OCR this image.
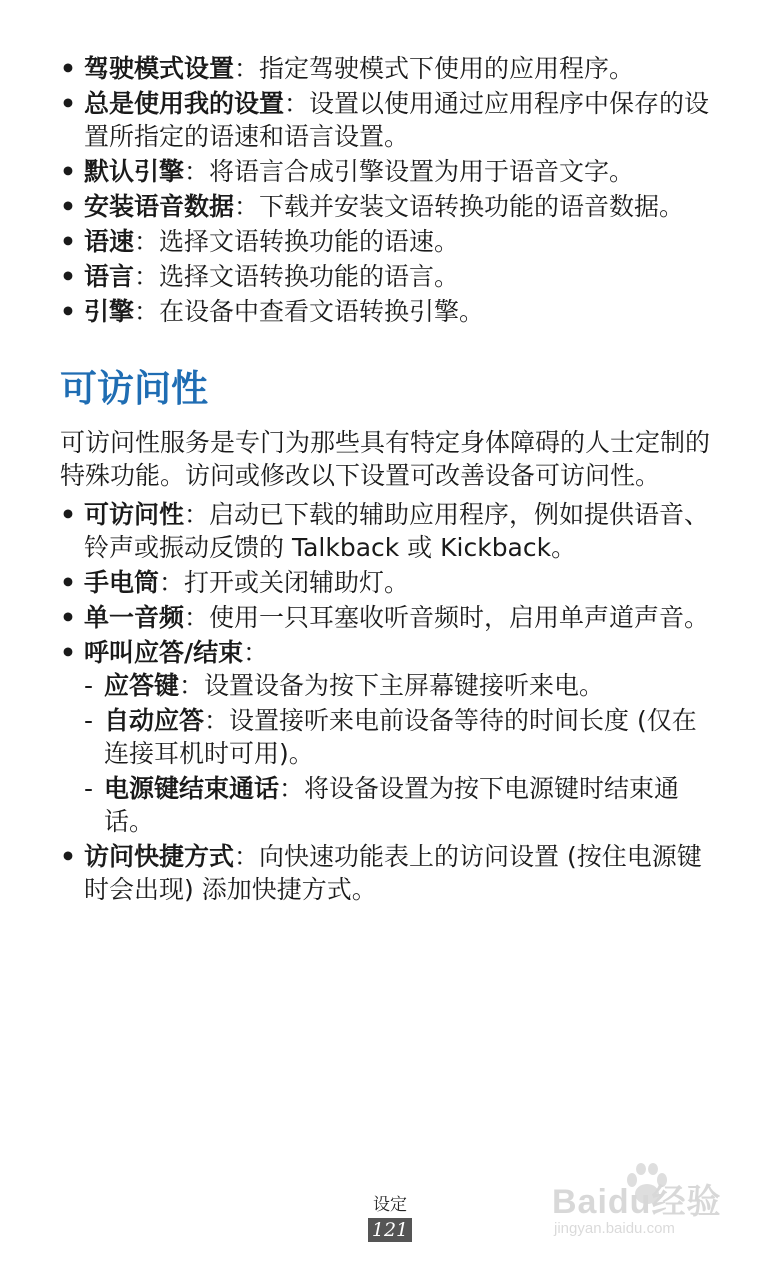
• 驾驶模式设置：指定驾驶模式下使用的应用程序。
• 总是使用我的设置：设置以使用通过应用程序中保存的设置所指定的语速和语言设置。
• 默认引擎：将语言合成引擎设置为用于语音文字。
• 安装语音数据：下载并安装文语转换功能的语音数据。
• 语速：选择文语转换功能的语速。
• 语言：选择文语转换功能的语言。
• 引擎：在设备中查看文语转换引擎。
可访问性

可访问性服务是专门为那些具有特定身体障碍的人士定制的特殊功能。访问或修改以下设置可改善设备可访问性。

• 可访问性：启动已下载的辅助应用程序，例如提供语音、铃声或振动反馈的 Talkback 或 Kickback。
• 手电筒：打开或关闭辅助灯。
• 单一音频：使用一只耳塞收听音频时，启用单声道声音。
• 呼叫应答/结束：
- 应答键：设置设备为按下主屏幕键接听来电。
- 自动应答：设置接听来电前设备等待的时间长度 (仅在连接耳机时可用)。
- 电源键结束通话：将设备设置为按下电源键时结束通话。
• 访问快捷方式：向快速功能表上的访问设置 (按住电源键时会出现) 添加快捷方式。
设定
121
Baidu经验
jingyan.baidu.com
